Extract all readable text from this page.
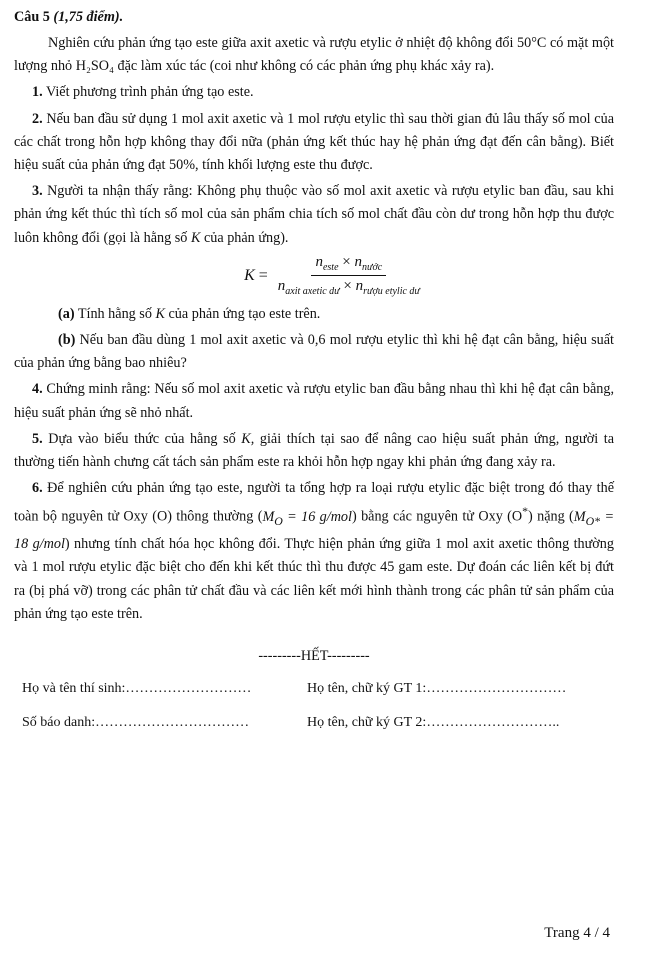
Câu 5 (1,75 điểm).

Nghiên cứu phản ứng tạo este giữa axit axetic và rượu etylic ở nhiệt độ không đổi 50°C có mặt một lượng nhỏ H₂SO₄ đặc làm xúc tác (coi như không có các phản ứng phụ khác xảy ra).

1. Viết phương trình phản ứng tạo este.

2. Nếu ban đầu sử dụng 1 mol axit axetic và 1 mol rượu etylic thì sau thời gian đủ lâu thấy số mol của các chất trong hỗn hợp không thay đổi nữa (phản ứng kết thúc hay hệ phản ứng đạt đến cân bằng). Biết hiệu suất của phản ứng đạt 50%, tính khối lượng este thu được.

3. Người ta nhận thấy rằng: Không phụ thuộc vào số mol axit axetic và rượu etylic ban đầu, sau khi phản ứng kết thúc thì tích số mol của sản phẩm chia tích số mol chất đầu còn dư trong hỗn hợp thu được luôn không đổi (gọi là hằng số K của phản ứng).

$K = \frac{n_{este} \times n_{nước}}{n_{axit axetic dư} \times n_{rượu etylic dư}}$

(a) Tính hằng số K của phản ứng tạo este trên.

(b) Nếu ban đầu dùng 1 mol axit axetic và 0,6 mol rượu etylic thì khi hệ đạt cân bằng, hiệu suất của phản ứng bằng bao nhiêu?

4. Chứng minh rằng: Nếu số mol axit axetic và rượu etylic ban đầu bằng nhau thì khi hệ đạt cân bằng, hiệu suất phản ứng sẽ nhỏ nhất.

5. Dựa vào biểu thức của hằng số K, giải thích tại sao để nâng cao hiệu suất phản ứng, người ta thường tiến hành chưng cất tách sản phẩm este ra khỏi hỗn hợp ngay khi phản ứng đang xảy ra.

6. Để nghiên cứu phản ứng tạo este, người ta tổng hợp ra loại rượu etylic đặc biệt trong đó thay thế toàn bộ nguyên tử Oxy (O) thông thường ($M_O = 16$ g/mol) bằng các nguyên tử Oxy (O*) nặng ($M_{O*} = 18$ g/mol) nhưng tính chất hóa học không đổi. Thực hiện phản ứng giữa 1 mol axit axetic thông thường và 1 mol rượu etylic đặc biệt cho đến khi kết thúc thì thu được 45 gam este. Dự đoán các liên kết bị đứt ra (bị phá vỡ) trong các phân tử chất đầu và các liên kết mới hình thành trong các phân tử sản phẩm của phản ứng tạo este trên.

---------HẾT---------
Họ và tên thí sinh:………………………	Họ tên, chữ ký GT 1:…………………………
Số báo danh:……………………………	Họ tên, chữ ký GT 2:………………………..
Trang 4 / 4
